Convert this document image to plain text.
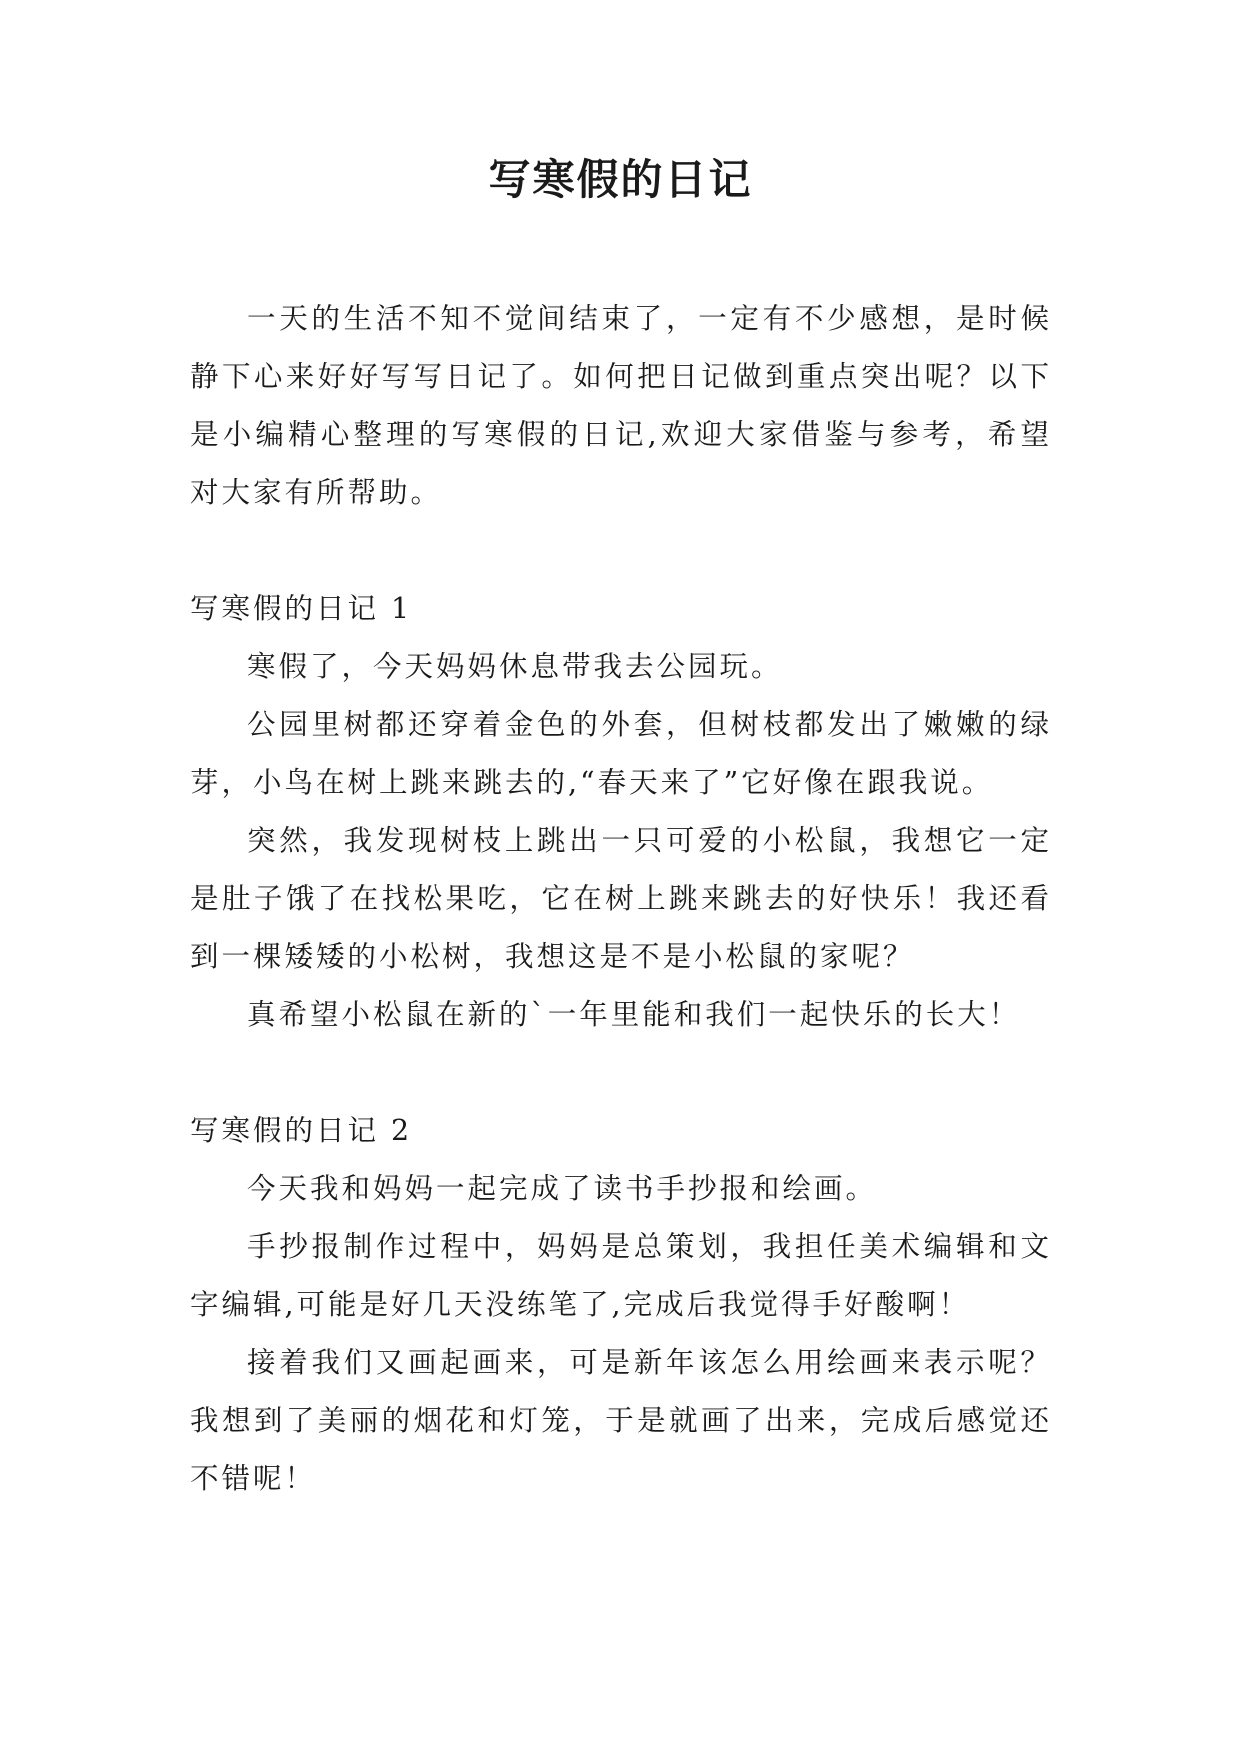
写寒假的日记

一天的生活不知不觉间结束了，一定有不少感想，是时候静下心来好好写写日记了。如何把日记做到重点突出呢？以下是小编精心整理的写寒假的日记,欢迎大家借鉴与参考，希望对大家有所帮助。

写寒假的日记 1

寒假了，今天妈妈休息带我去公园玩。

公园里树都还穿着金色的外套，但树枝都发出了嫩嫩的绿芽，小鸟在树上跳来跳去的,“春天来了”它好像在跟我说。

突然，我发现树枝上跳出一只可爱的小松鼠，我想它一定是肚子饿了在找松果吃，它在树上跳来跳去的好快乐！我还看到一棵矮矮的小松树，我想这是不是小松鼠的家呢？

真希望小松鼠在新的`一年里能和我们一起快乐的长大！

写寒假的日记 2

今天我和妈妈一起完成了读书手抄报和绘画。

手抄报制作过程中，妈妈是总策划，我担任美术编辑和文字编辑,可能是好几天没练笔了,完成后我觉得手好酸啊！

接着我们又画起画来，可是新年该怎么用绘画来表示呢？我想到了美丽的烟花和灯笼，于是就画了出来，完成后感觉还不错呢！
